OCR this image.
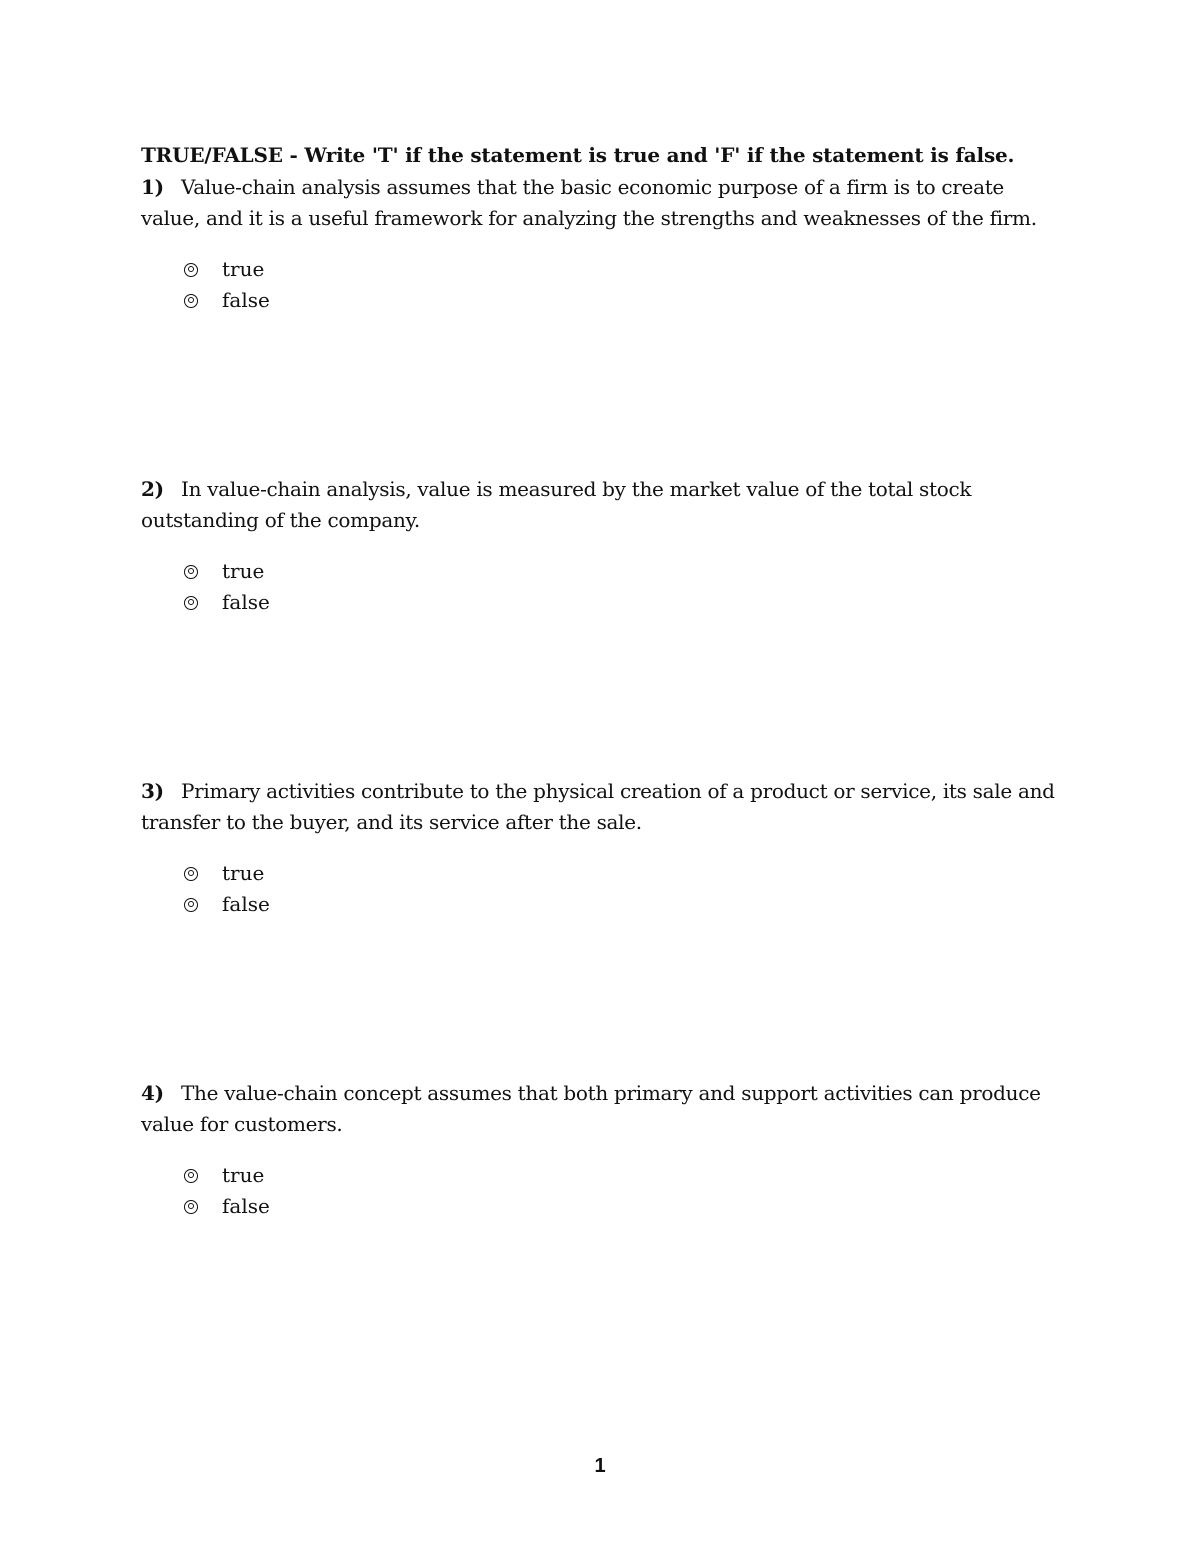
TRUE/FALSE - Write 'T' if the statement is true and 'F' if the statement is false.

1) Value-chain analysis assumes that the basic economic purpose of a firm is to create value, and it is a useful framework for analyzing the strengths and weaknesses of the firm.

true
false

2) In value-chain analysis, value is measured by the market value of the total stock outstanding of the company.

true
false

3) Primary activities contribute to the physical creation of a product or service, its sale and transfer to the buyer, and its service after the sale.

true
false

4) The value-chain concept assumes that both primary and support activities can produce value for customers.

true
false
1
